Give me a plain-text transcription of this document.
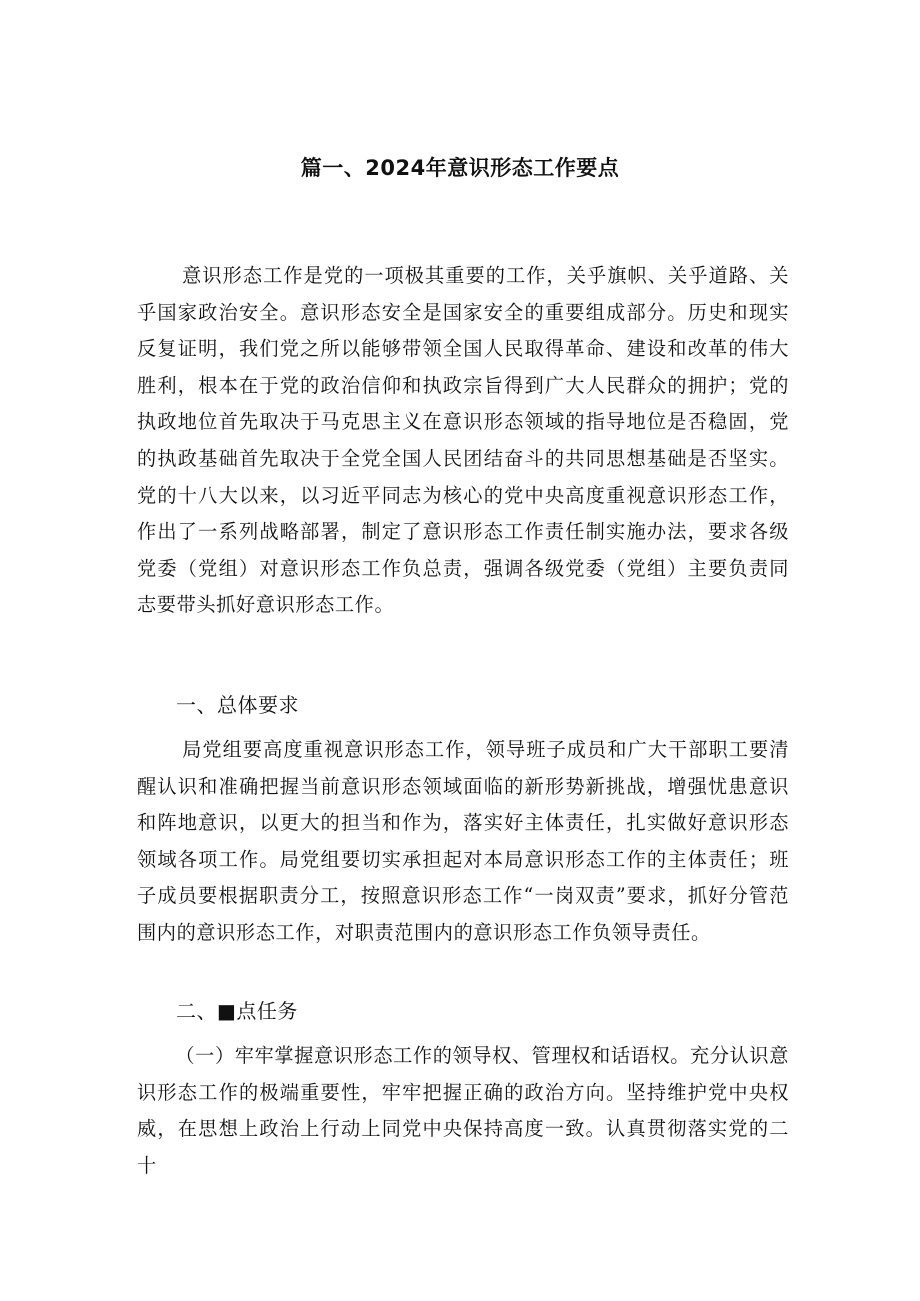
篇一、2024年意识形态工作要点

意识形态工作是党的一项极其重要的工作，关乎旗帜、关乎道路、关乎国家政治安全。意识形态安全是国家安全的重要组成部分。历史和现实反复证明，我们党之所以能够带领全国人民取得革命、建设和改革的伟大胜利，根本在于党的政治信仰和执政宗旨得到广大人民群众的拥护；党的执政地位首先取决于马克思主义在意识形态领域的指导地位是否稳固，党的执政基础首先取决于全党全国人民团结奋斗的共同思想基础是否坚实。党的十八大以来，以习近平同志为核心的党中央高度重视意识形态工作，作出了一系列战略部署，制定了意识形态工作责任制实施办法，要求各级党委（党组）对意识形态工作负总责，强调各级党委（党组）主要负责同志要带头抓好意识形态工作。

一、总体要求

局党组要高度重视意识形态工作，领导班子成员和广大干部职工要清醒认识和准确把握当前意识形态领域面临的新形势新挑战，增强忧患意识和阵地意识，以更大的担当和作为，落实好主体责任，扎实做好意识形态领域各项工作。局党组要切实承担起对本局意识形态工作的主体责任；班子成员要根据职责分工，按照意识形态工作“一岗双责”要求，抓好分管范围内的意识形态工作，对职责范围内的意识形态工作负领导责任。

二、■点任务

（一）牢牢掌握意识形态工作的领导权、管理权和话语权。充分认识意识形态工作的极端重要性，牢牢把握正确的政治方向。坚持维护党中央权威，在思想上政治上行动上同党中央保持高度一致。认真贯彻落实党的二十
